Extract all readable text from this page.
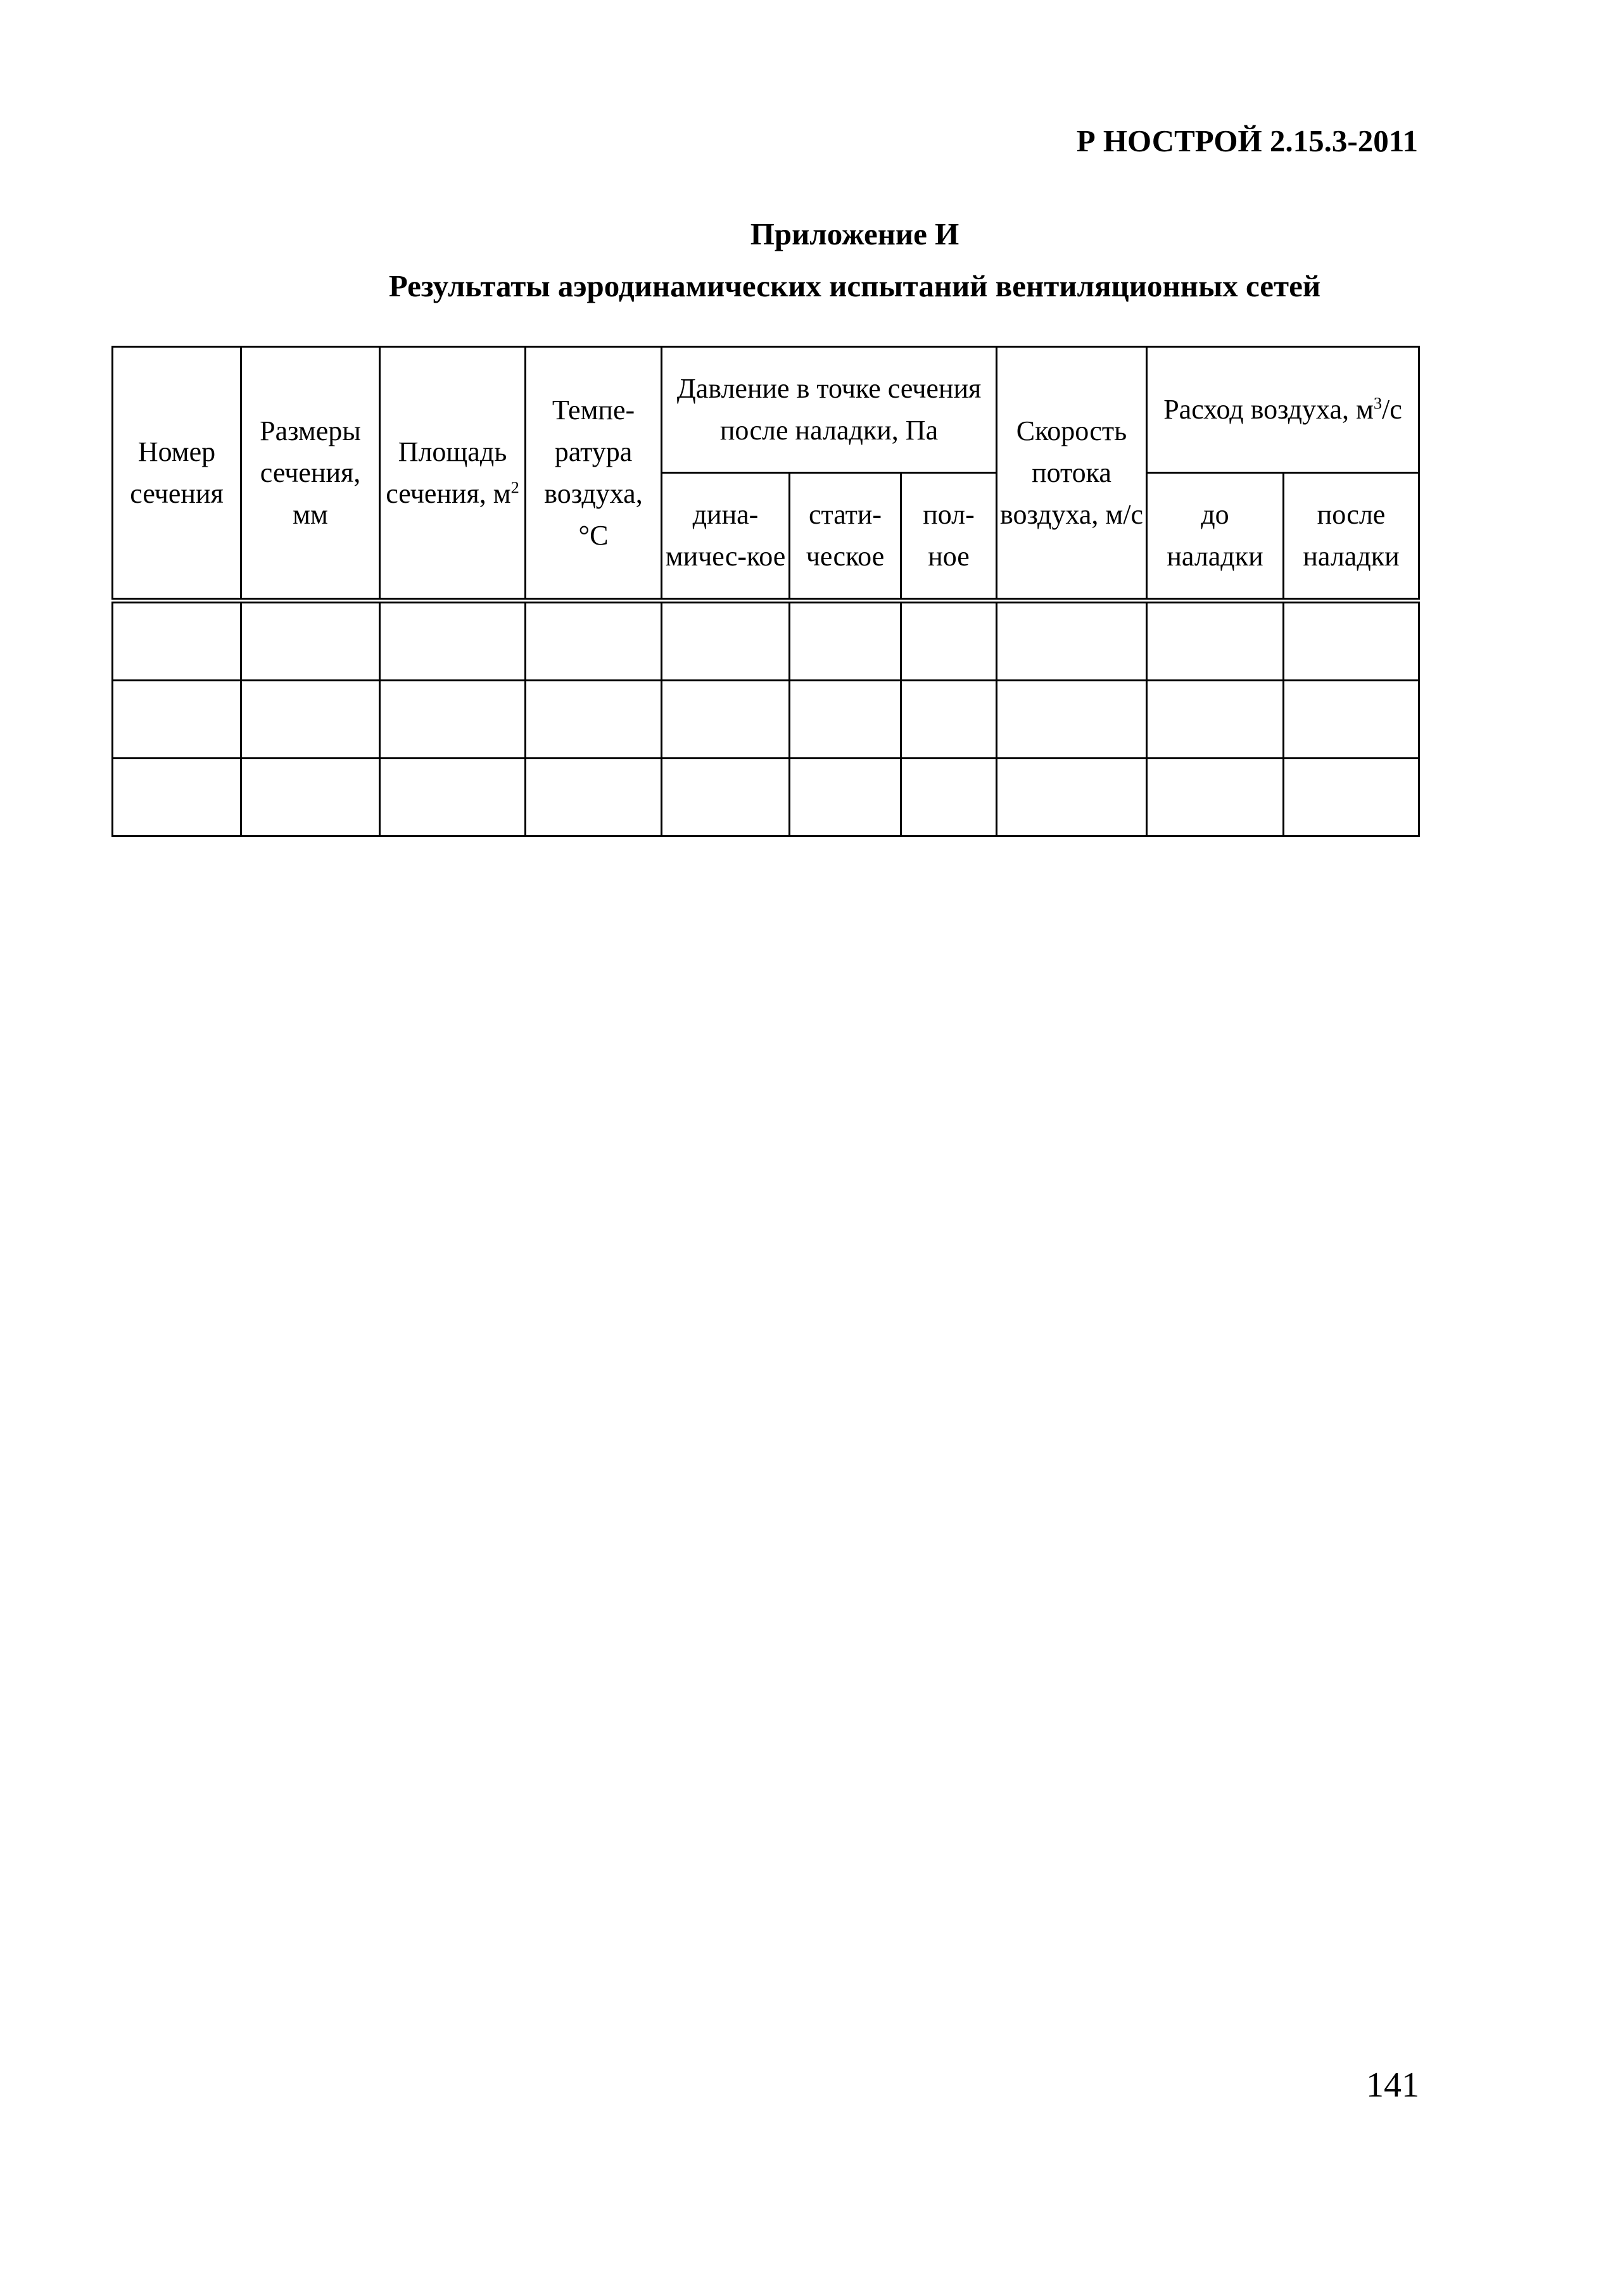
Р НОСТРОЙ 2.15.3-2011
Приложение И
Результаты аэродинамических испытаний вентиляционных сетей
Номер сечения	Размеры сечения, мм	Площадь сечения, $м^2$	Темпе-ратура воздуха, °С	Давление в точке сечения после наладки, Па			Скорость потока воздуха, м/с	Расход воздуха, $м^3/с$	
				дина-мичес-кое	стати-ческое	пол-ное		до наладки	после наладки

141
